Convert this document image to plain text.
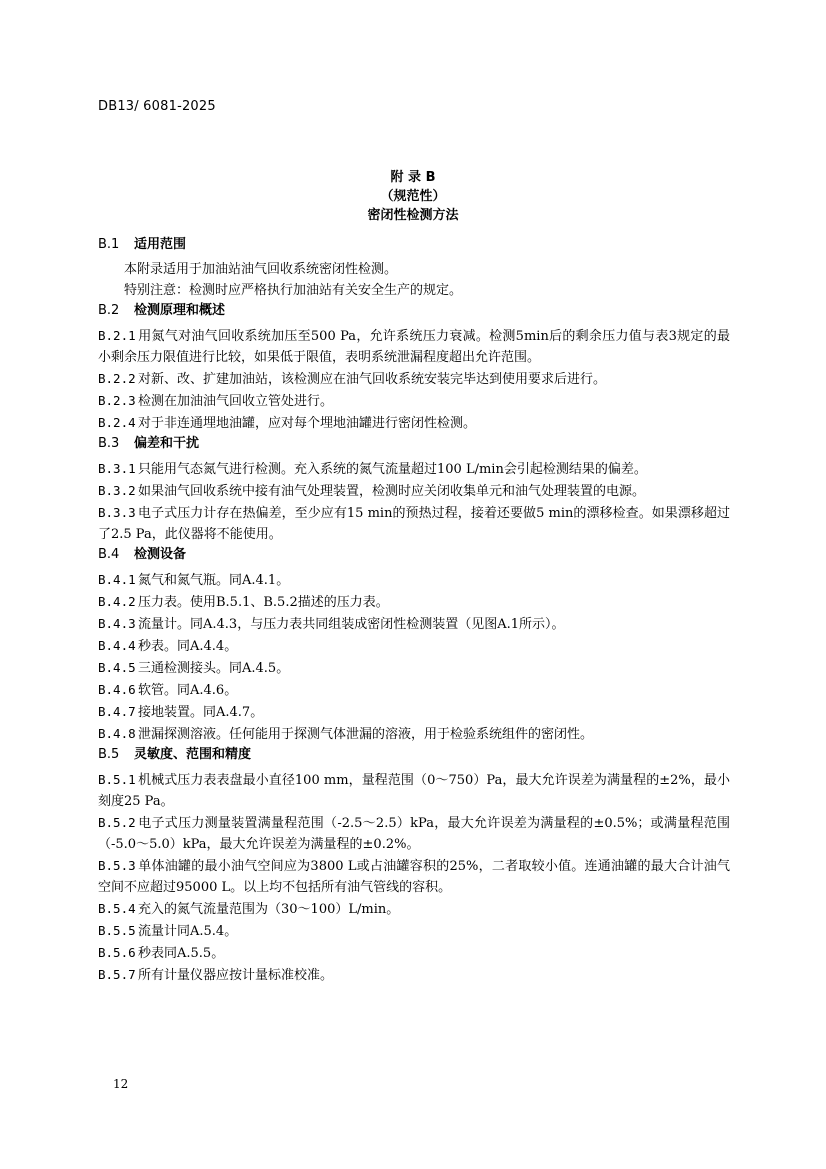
DB13/ 6081-2025
附 录 B
（规范性）
密闭性检测方法
B.1 适用范围
本附录适用于加油站油气回收系统密闭性检测。
特别注意：检测时应严格执行加油站有关安全生产的规定。
B.2 检测原理和概述
B.2.1 用氮气对油气回收系统加压至500 Pa，允许系统压力衰减。检测5min后的剩余压力值与表3规定的最小剩余压力限值进行比较，如果低于限值，表明系统泄漏程度超出允许范围。
B.2.2 对新、改、扩建加油站，该检测应在油气回收系统安装完毕达到使用要求后进行。
B.2.3 检测在加油油气回收立管处进行。
B.2.4 对于非连通埋地油罐，应对每个埋地油罐进行密闭性检测。
B.3 偏差和干扰
B.3.1 只能用气态氮气进行检测。充入系统的氮气流量超过100 L/min会引起检测结果的偏差。
B.3.2 如果油气回收系统中接有油气处理装置，检测时应关闭收集单元和油气处理装置的电源。
B.3.3 电子式压力计存在热偏差，至少应有15 min的预热过程，接着还要做5 min的漂移检查。如果漂移超过了2.5 Pa，此仪器将不能使用。
B.4 检测设备
B.4.1 氮气和氮气瓶。同A.4.1。
B.4.2 压力表。使用B.5.1、B.5.2描述的压力表。
B.4.3 流量计。同A.4.3，与压力表共同组装成密闭性检测装置（见图A.1所示）。
B.4.4 秒表。同A.4.4。
B.4.5 三通检测接头。同A.4.5。
B.4.6 软管。同A.4.6。
B.4.7 接地装置。同A.4.7。
B.4.8 泄漏探测溶液。任何能用于探测气体泄漏的溶液，用于检验系统组件的密闭性。
B.5 灵敏度、范围和精度
B.5.1 机械式压力表表盘最小直径100 mm，量程范围（0～750）Pa，最大允许误差为满量程的±2%，最小刻度25 Pa。
B.5.2 电子式压力测量装置满量程范围（-2.5～2.5）kPa，最大允许误差为满量程的±0.5%；或满量程范围（-5.0～5.0）kPa，最大允许误差为满量程的±0.2%。
B.5.3 单体油罐的最小油气空间应为3800 L或占油罐容积的25%，二者取较小值。连通油罐的最大合计油气空间不应超过95000 L。以上均不包括所有油气管线的容积。
B.5.4 充入的氮气流量范围为（30～100）L/min。
B.5.5 流量计同A.5.4。
B.5.6 秒表同A.5.5。
B.5.7 所有计量仪器应按计量标准校准。
12
